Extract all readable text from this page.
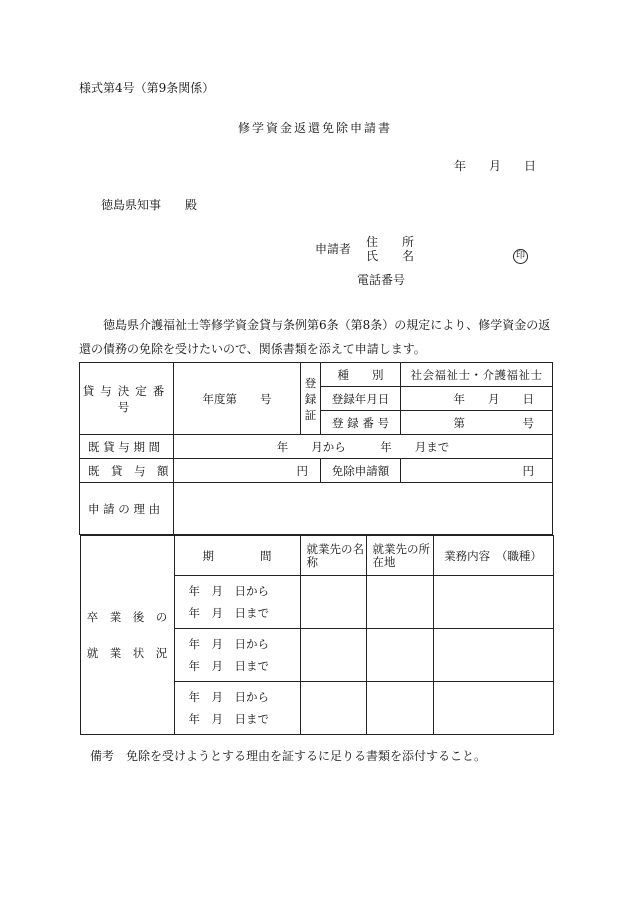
様式第4号（第9条関係）
修学資金返還免除申請書
年 月 日
徳島県知事　　殿
申請者 住　　所
氏　　名	印
電話番号
徳島県介護福祉士等修学資金貸与条例第6条（第8条）の規定により、修学資金の返還の債務の免除を受けたいので、関係書類を添えて申請します。
貸与決定番号	年度第　　号	
登
録
証
	種　　別	社会福祉士・介護福祉士
登録年月日	年　　月　　日
登 録 番 号	第　　　　　号
既 貸 与 期 間	年　　月から　　　年　　月まで
既　貸　与　額	円	免除申請額	円
申 請 の 理 由	

卒　業　後　の
就　業　状　況
	期　　　　間	就業先の名称	就業先の所在地	業務内容　（職種）

年　月　日から
年　月　日まで

年　月　日から
年　月　日まで

年　月　日から
年　月　日まで

備考　免除を受けようとする理由を証するに足りる書類を添付すること。
